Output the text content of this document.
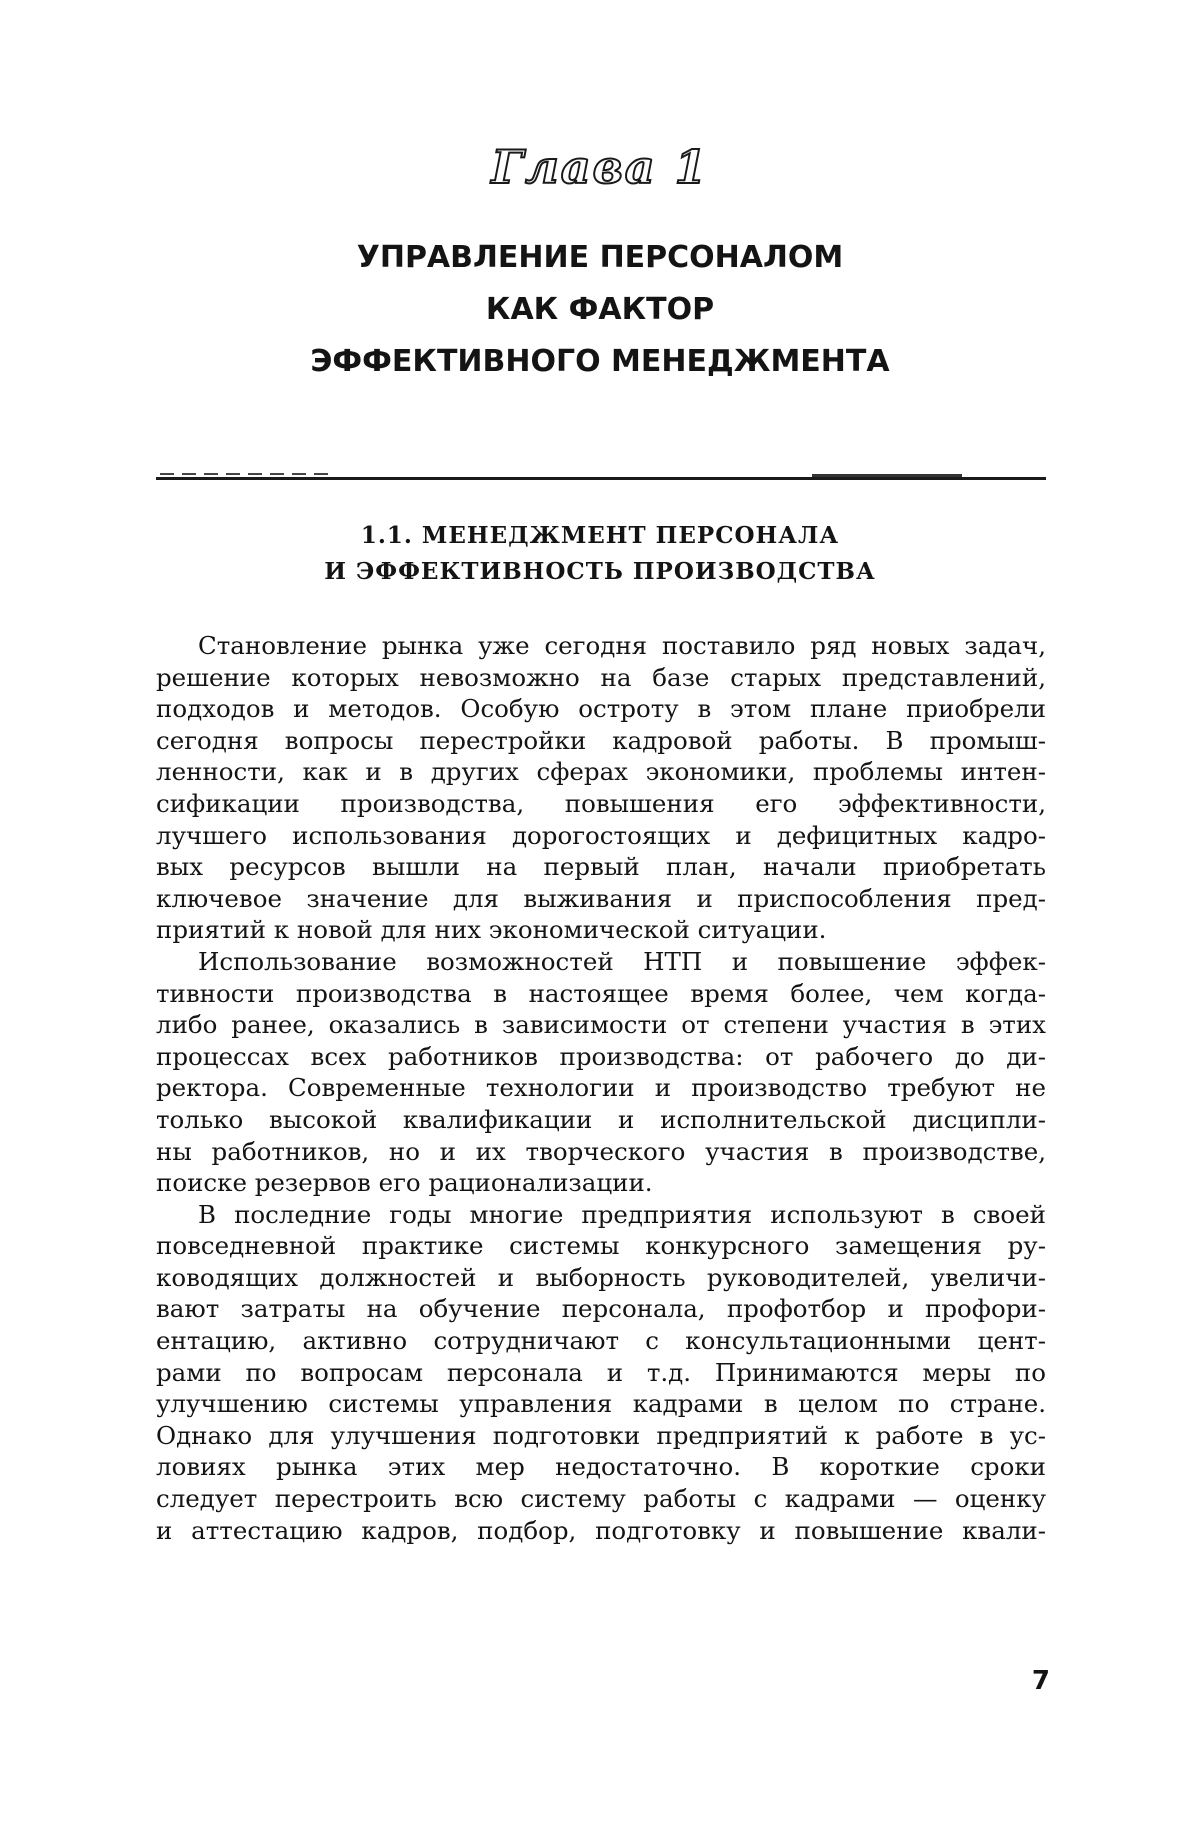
Глава 1
УПРАВЛЕНИЕ ПЕРСОНАЛОМ
КАК ФАКТОР
ЭФФЕКТИВНОГО МЕНЕДЖМЕНТА
1.1. МЕНЕДЖМЕНТ ПЕРСОНАЛА
И ЭФФЕКТИВНОСТЬ ПРОИЗВОДСТВА
Становление рынка уже сегодня поставило ряд новых задач,
решение которых невозможно на базе старых представлений,
подходов и методов. Особую остроту в этом плане приобрели
сегодня вопросы перестройки кадровой работы. В промыш-
ленности, как и в других сферах экономики, проблемы интен-
сификации производства, повышения его эффективности,
лучшего использования дорогостоящих и дефицитных кадро-
вых ресурсов вышли на первый план, начали приобретать
ключевое значение для выживания и приспособления пред-
приятий к новой для них экономической ситуации.
Использование возможностей НТП и повышение эффек-
тивности производства в настоящее время более, чем когда-
либо ранее, оказались в зависимости от степени участия в этих
процессах всех работников производства: от рабочего до ди-
ректора. Современные технологии и производство требуют не
только высокой квалификации и исполнительской дисципли-
ны работников, но и их творческого участия в производстве,
поиске резервов его рационализации.
В последние годы многие предприятия используют в своей
повседневной практике системы конкурсного замещения ру-
ководящих должностей и выборность руководителей, увеличи-
вают затраты на обучение персонала, профотбор и профори-
ентацию, активно сотрудничают с консультационными цент-
рами по вопросам персонала и т.д. Принимаются меры по
улучшению системы управления кадрами в целом по стране.
Однако для улучшения подготовки предприятий к работе в ус-
ловиях рынка этих мер недостаточно. В короткие сроки
следует перестроить всю систему работы с кадрами — оценку
и аттестацию кадров, подбор, подготовку и повышение квали-
7
